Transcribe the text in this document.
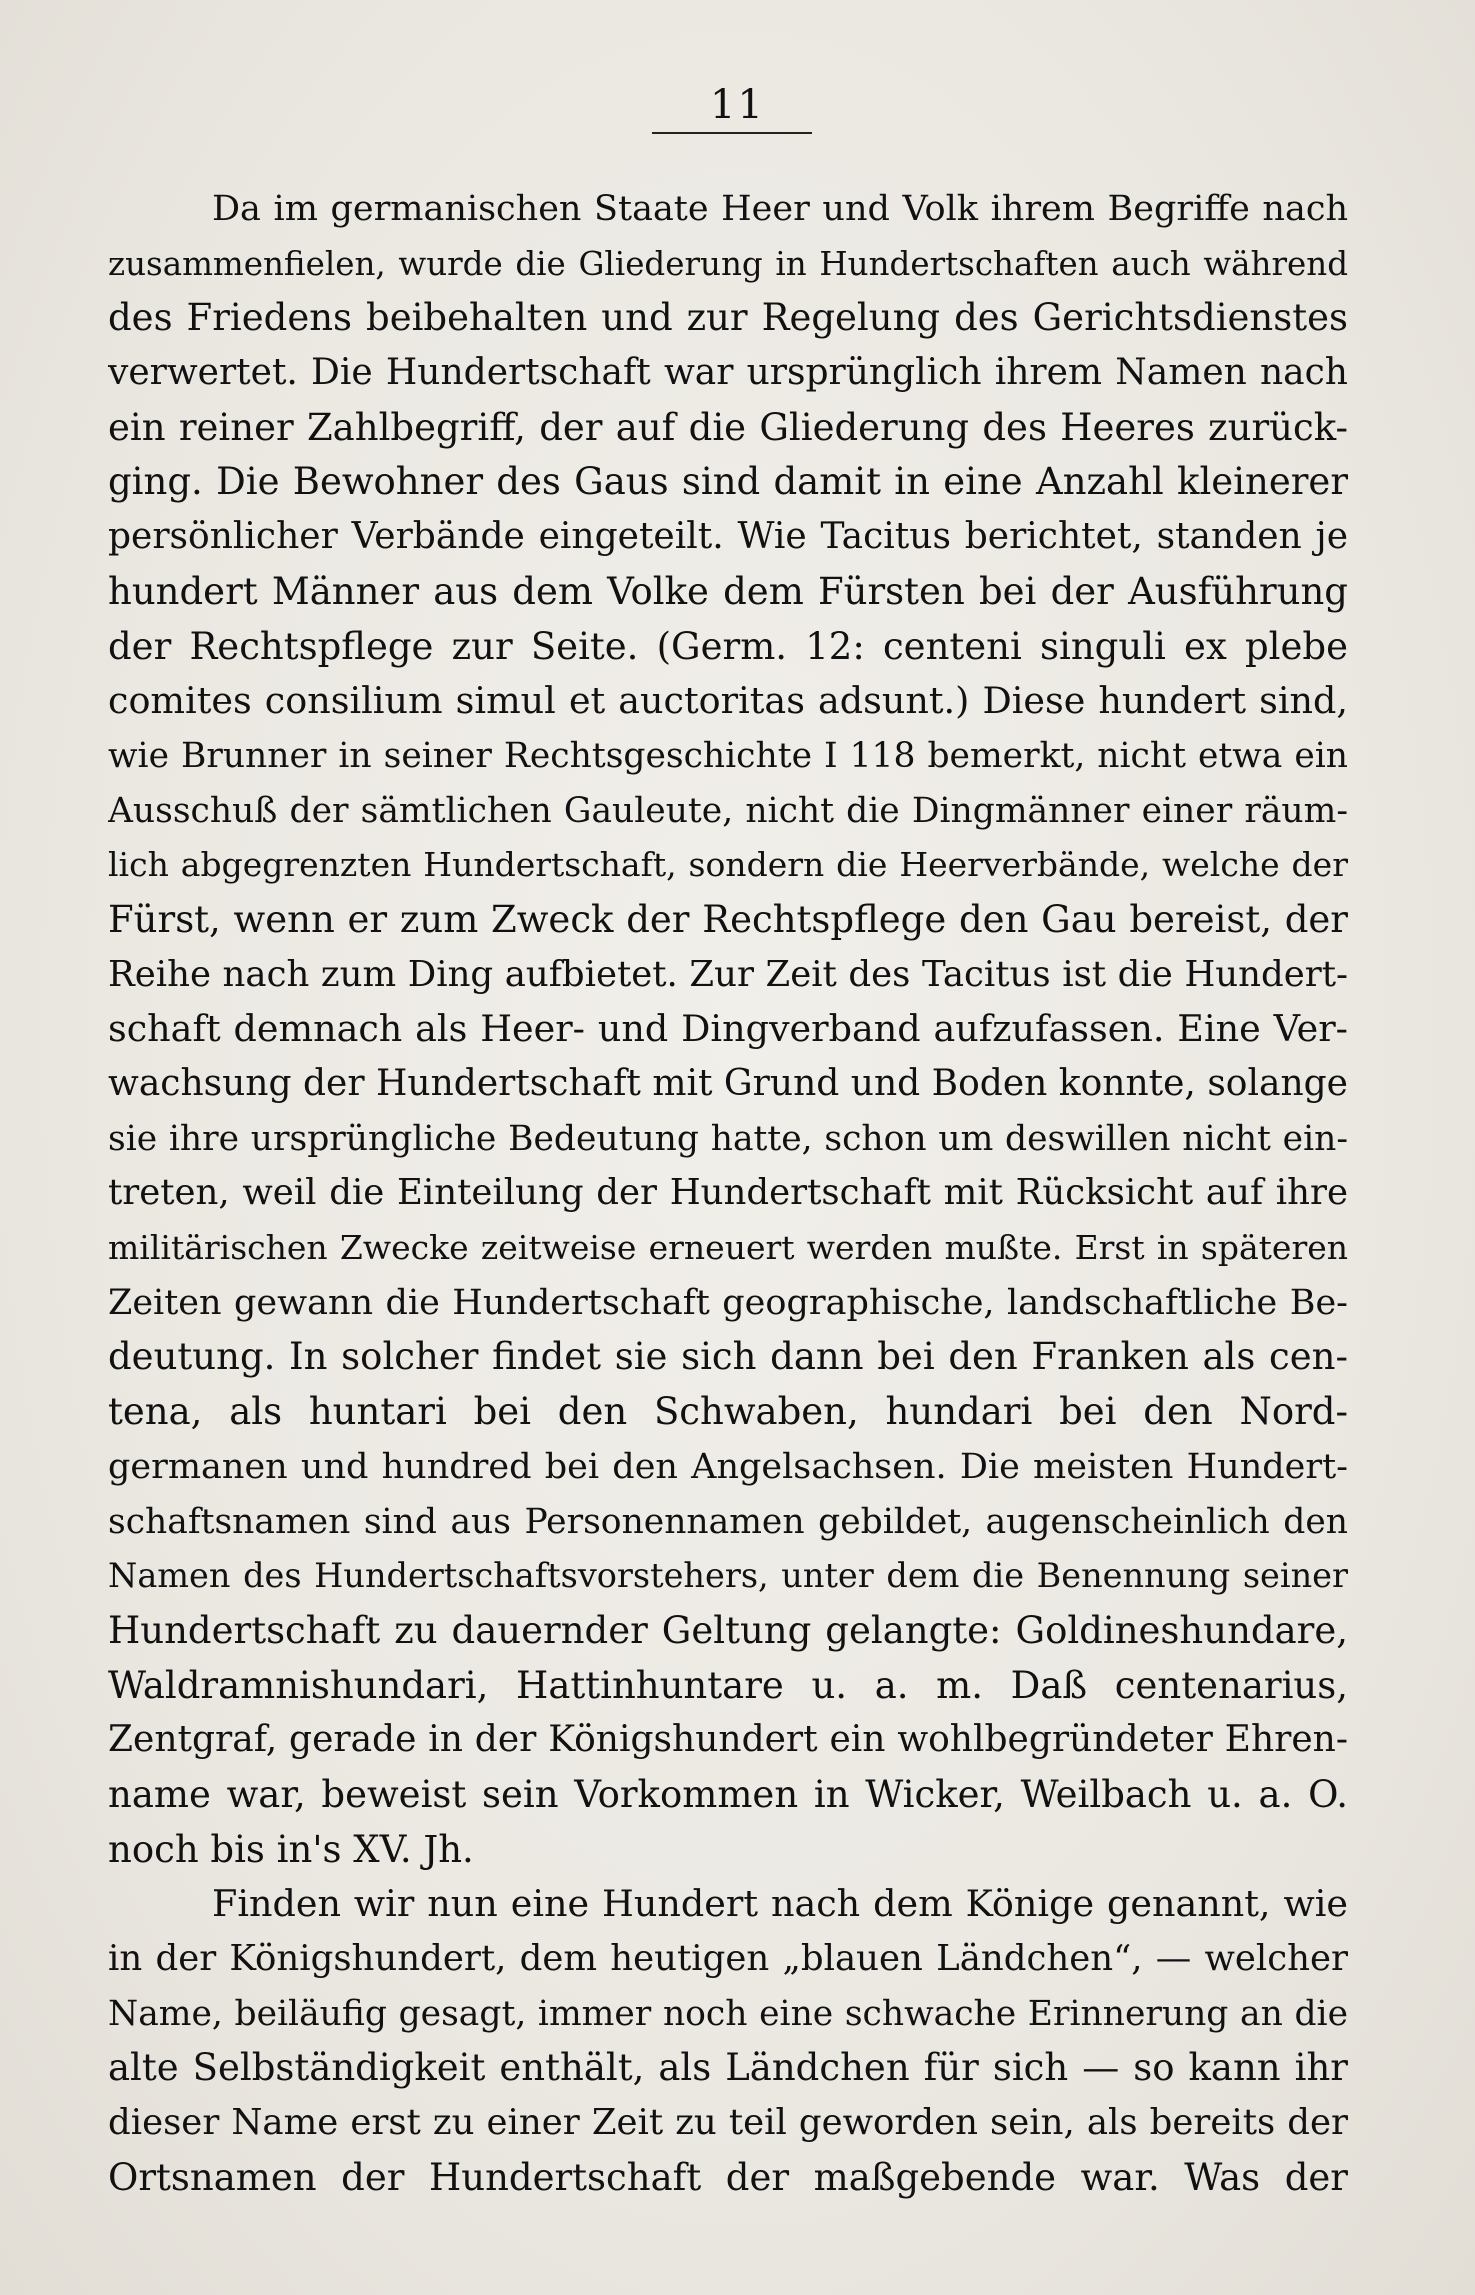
11
Da im germanischen Staate Heer und Volk ihrem Begriffe nach
zusammenfielen, wurde die Gliederung in Hundertschaften auch während
des Friedens beibehalten und zur Regelung des Gerichtsdienstes
verwertet. Die Hundertschaft war ursprünglich ihrem Namen nach
ein reiner Zahlbegriff, der auf die Gliederung des Heeres zurück-
ging. Die Bewohner des Gaus sind damit in eine Anzahl kleinerer
persönlicher Verbände eingeteilt. Wie Tacitus berichtet, standen je
hundert Männer aus dem Volke dem Fürsten bei der Ausführung
der Rechtspflege zur Seite. (Germ. 12: centeni singuli ex plebe
comites consilium simul et auctoritas adsunt.) Diese hundert sind,
wie Brunner in seiner Rechtsgeschichte I 118 bemerkt, nicht etwa ein
Ausschuß der sämtlichen Gauleute, nicht die Dingmänner einer räum-
lich abgegrenzten Hundertschaft, sondern die Heerverbände, welche der
Fürst, wenn er zum Zweck der Rechtspflege den Gau bereist, der
Reihe nach zum Ding aufbietet. Zur Zeit des Tacitus ist die Hundert-
schaft demnach als Heer- und Dingverband aufzufassen. Eine Ver-
wachsung der Hundertschaft mit Grund und Boden konnte, solange
sie ihre ursprüngliche Bedeutung hatte, schon um deswillen nicht ein-
treten, weil die Einteilung der Hundertschaft mit Rücksicht auf ihre
militärischen Zwecke zeitweise erneuert werden mußte. Erst in späteren
Zeiten gewann die Hundertschaft geographische, landschaftliche Be-
deutung. In solcher findet sie sich dann bei den Franken als cen-
tena, als huntari bei den Schwaben, hundari bei den Nord-
germanen und hundred bei den Angelsachsen. Die meisten Hundert-
schaftsnamen sind aus Personennamen gebildet, augenscheinlich den
Namen des Hundertschaftsvorstehers, unter dem die Benennung seiner
Hundertschaft zu dauernder Geltung gelangte: Goldineshundare,
Waldramnishundari, Hattinhuntare u. a. m. Daß centenarius,
Zentgraf, gerade in der Königshundert ein wohlbegründeter Ehren-
name war, beweist sein Vorkommen in Wicker, Weilbach u. a. O.
noch bis in's XV. Jh.
Finden wir nun eine Hundert nach dem Könige genannt, wie
in der Königshundert, dem heutigen „blauen Ländchen“, — welcher
Name, beiläufig gesagt, immer noch eine schwache Erinnerung an die
alte Selbständigkeit enthält, als Ländchen für sich — so kann ihr
dieser Name erst zu einer Zeit zu teil geworden sein, als bereits der
Ortsnamen der Hundertschaft der maßgebende war. Was der
